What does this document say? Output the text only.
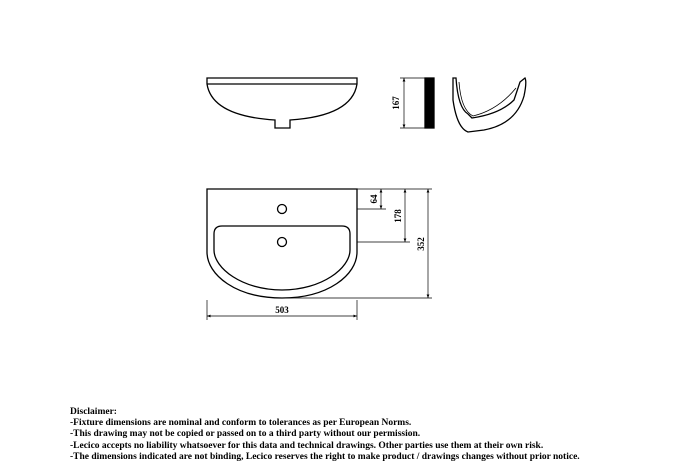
167
64
178
352
503
Disclaimer:
-Fixture dimensions are nominal and conform to tolerances as per European Norms.
-This drawing may not be copied or passed on to a third party without our permission.
-Lecico accepts no liability whatsoever for this data and technical drawings. Other parties use them at their own risk.
-The dimensions indicated are not binding, Lecico reserves the right to make product / drawings changes without prior notice.
